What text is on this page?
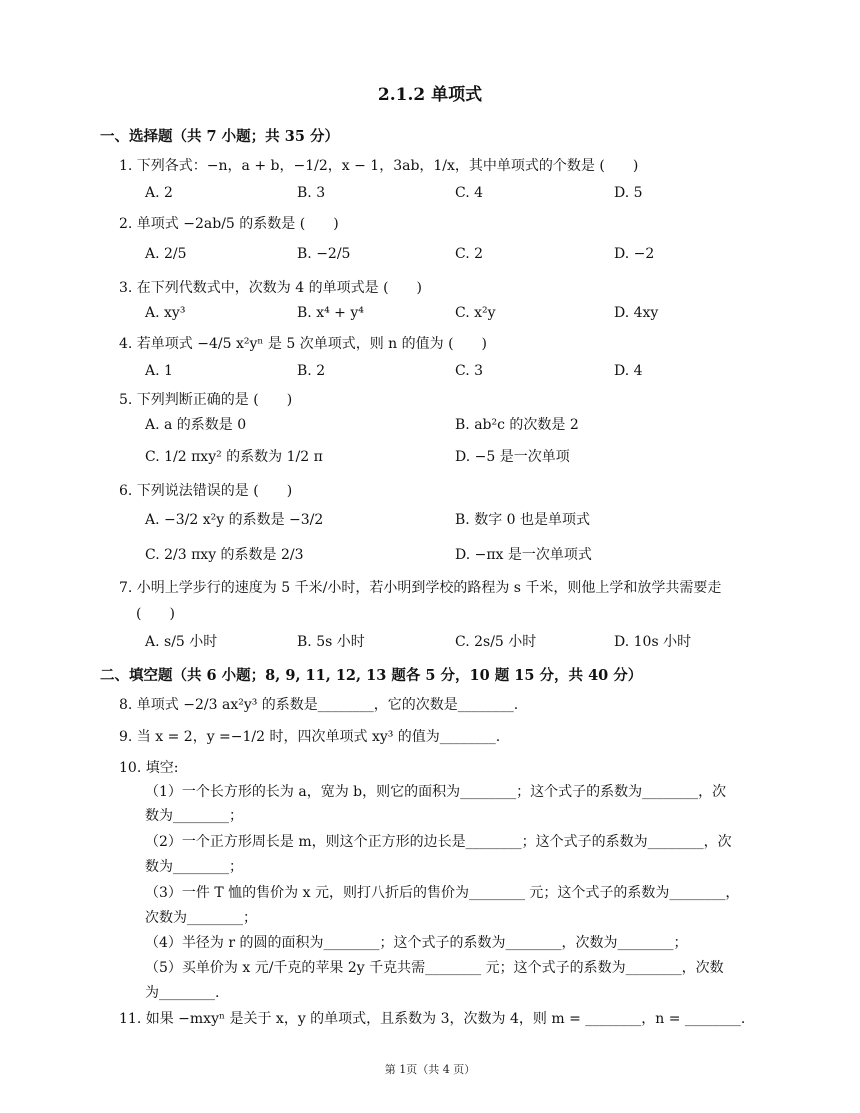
2.1.2 单项式
一、选择题（共 7 小题；共 35 分）
1. 下列各式：−n，a + b，−1/2，x − 1，3ab，1/x，其中单项式的个数是 (　　)
A. 2	B. 3	C. 4	D. 5
2. 单项式 −2ab/5 的系数是 (　　)
A. 2/5	B. −2/5	C. 2	D. −2
3. 在下列代数式中，次数为 4 的单项式是 (　　)
A. xy³	B. x⁴ + y⁴	C. x²y	D. 4xy
4. 若单项式 −4/5 x²yⁿ 是 5 次单项式，则 n 的值为 (　　)
A. 1	B. 2	C. 3	D. 4
5. 下列判断正确的是 (　　)
A. a 的系数是 0	B. ab²c 的次数是 2
C. 1/2 πxy² 的系数为 1/2 π	D. −5 是一次单项
6. 下列说法错误的是 (　　)
A. −3/2 x²y 的系数是 −3/2	B. 数字 0 也是单项式
C. 2/3 πxy 的系数是 2/3	D. −πx 是一次单项式
7. 小明上学步行的速度为 5 千米/小时，若小明到学校的路程为 s 千米，则他上学和放学共需要走
(　　)
A. s/5 小时	B. 5s 小时	C. 2s/5 小时	D. 10s 小时
二、填空题（共 6 小题；8, 9, 11, 12, 13 题各 5 分，10 题 15 分，共 40 分）
8. 单项式 −2/3 ax²y³ 的系数是________，它的次数是________.
9. 当 x = 2，y =−1/2 时，四次单项式 xy³ 的值为________.
10. 填空:
（1）一个长方形的长为 a，宽为 b，则它的面积为________；这个式子的系数为________，次
数为________；
（2）一个正方形周长是 m，则这个正方形的边长是________；这个式子的系数为________，次
数为________；
（3）一件 T 恤的售价为 x 元，则打八折后的售价为________ 元；这个式子的系数为________，
次数为________；
（4）半径为 r 的圆的面积为________；这个式子的系数为________，次数为________；
（5）买单价为 x 元/千克的苹果 2y 千克共需________ 元；这个式子的系数为________，次数
为________.
11. 如果 −mxyⁿ 是关于 x，y 的单项式，且系数为 3，次数为 4，则 m = ________，n = ________.
第 1页（共 4 页）
